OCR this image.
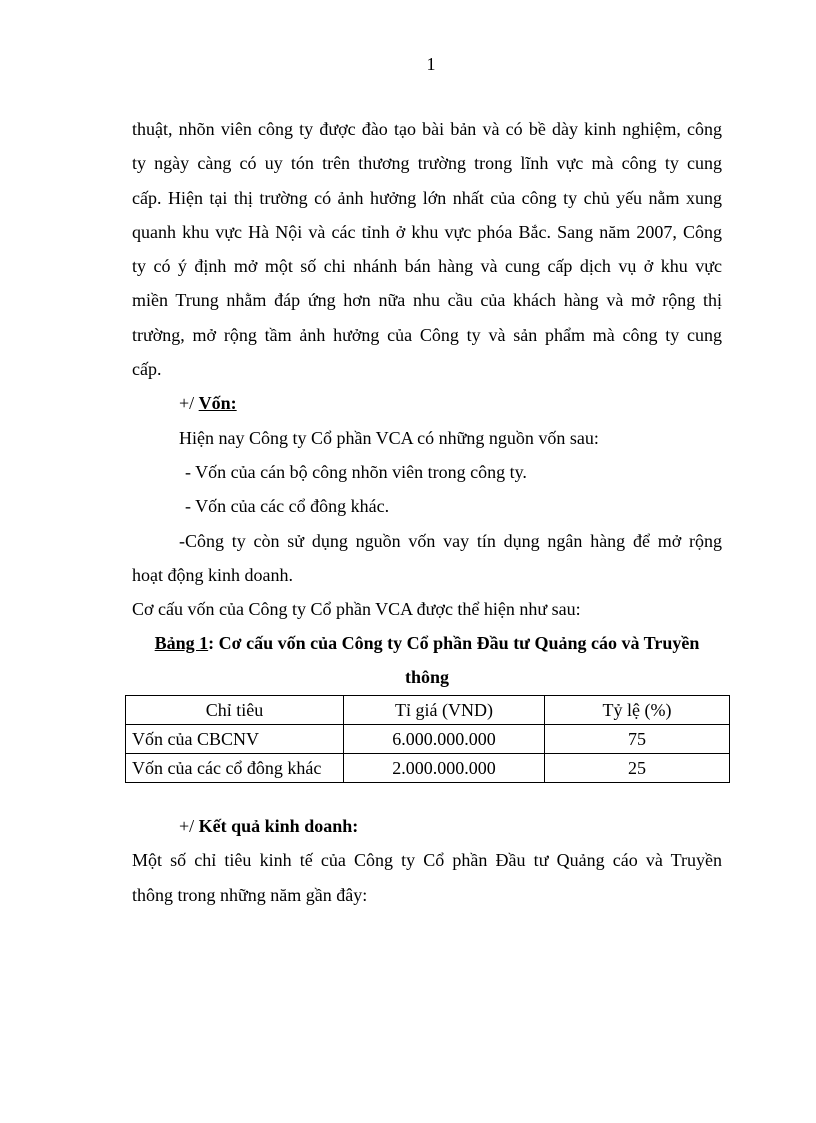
1
thuật, nhõn viên công ty được đào tạo bài bản và có bề dày kinh nghiệm, công
ty ngày càng có uy tón trên thương trường trong lĩnh vực mà công ty cung
cấp. Hiện tại thị trường có ảnh hưởng lớn nhất của công ty chủ yếu nằm xung
quanh khu vực Hà Nội và các tỉnh ở khu vực phóa Bắc. Sang năm 2007, Công
ty có ý định mở một số chi nhánh bán hàng và cung cấp dịch vụ ở khu vực
miền Trung nhằm đáp ứng hơn nữa nhu cầu của khách hàng và mở rộng thị
trường, mở rộng tầm ảnh hưởng của Công ty và sản phẩm mà công ty cung
cấp.
+/ Vốn:
Hiện nay Công ty Cổ phần VCA có những nguồn vốn sau:
- Vốn của cán bộ công nhõn viên trong công ty.
- Vốn của các cổ đông khác.
-Công ty còn sử dụng nguồn vốn vay tín dụng ngân hàng để mở rộng
hoạt động kinh doanh.
Cơ cấu vốn của Công ty Cổ phần VCA được thể hiện như sau:
Bảng 1: Cơ cấu vốn của Công ty Cổ phần Đầu tư Quảng cáo và Truyền
thông
Chỉ tiêu	Tỉ giá (VND)	Tỷ lệ (%)
Vốn của CBCNV	6.000.000.000	75
Vốn của các cổ đông khác	2.000.000.000	25
+/ Kết quả kinh doanh:
Một số chỉ tiêu kinh tế của Công ty Cổ phần Đầu tư Quảng cáo và Truyền
thông trong những năm gần đây:
